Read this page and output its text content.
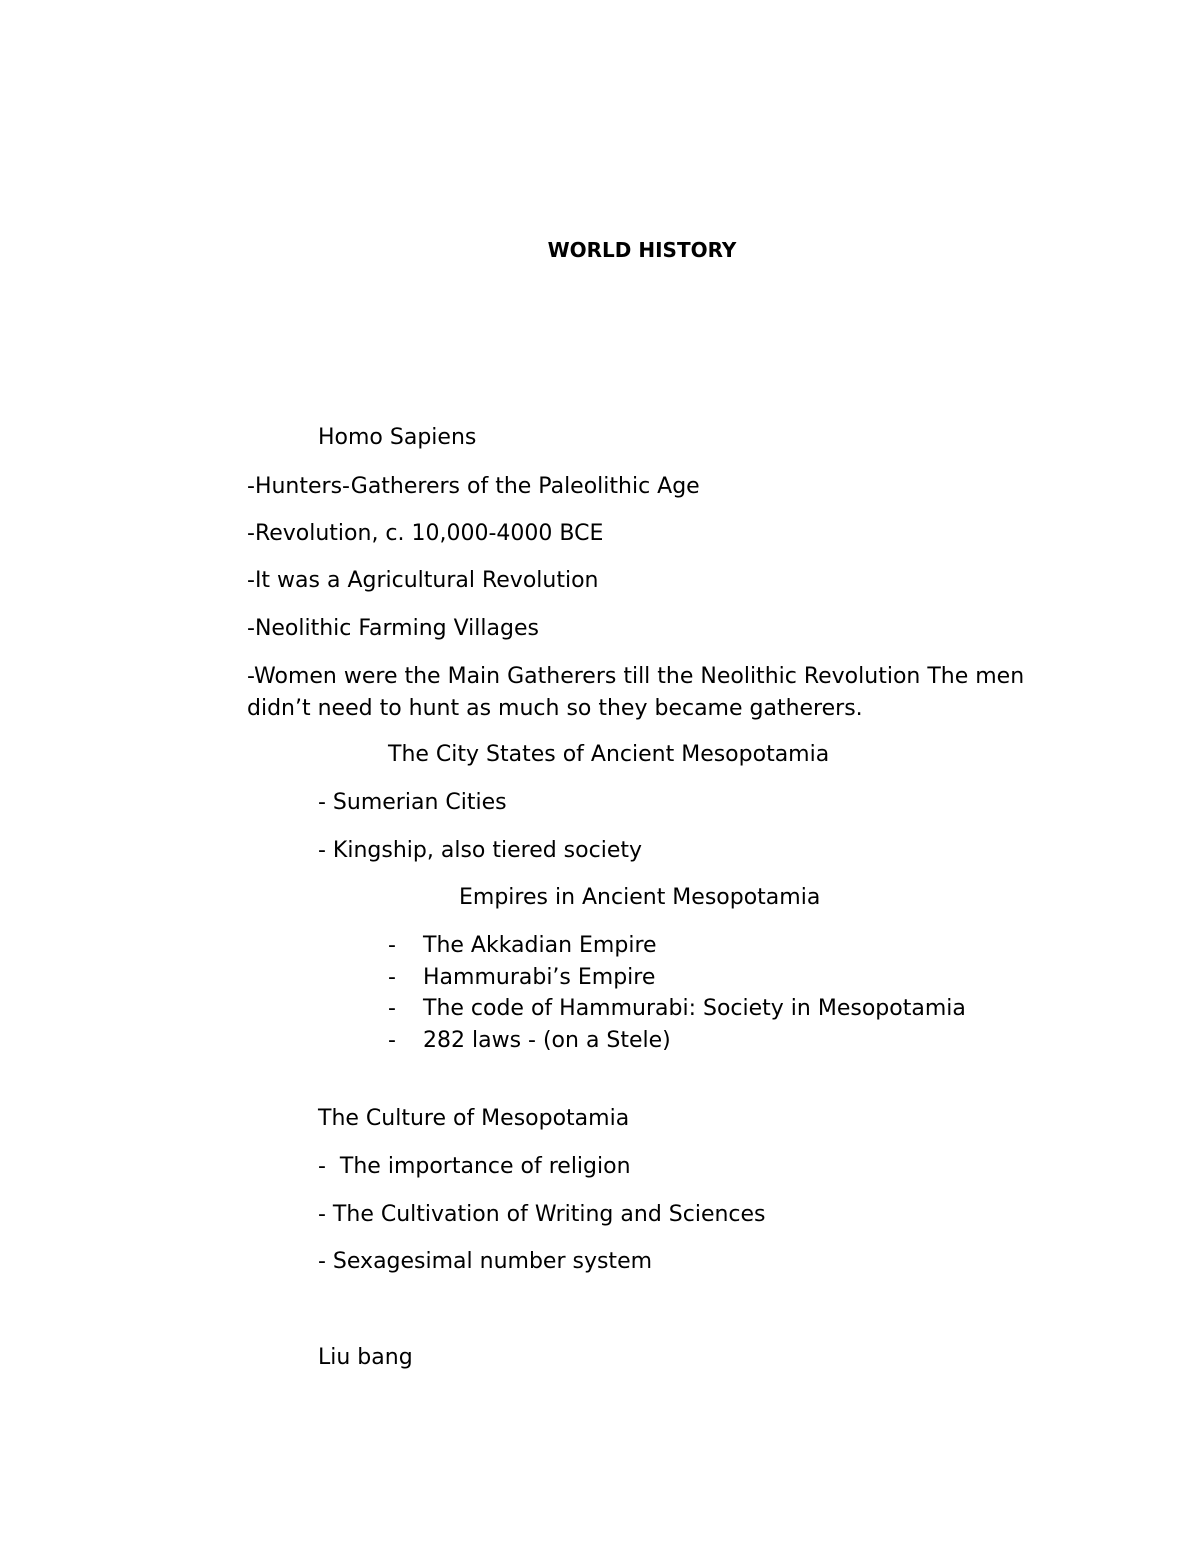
WORLD HISTORY
Homo Sapiens
-Hunters-Gatherers of the Paleolithic Age
-Revolution, c. 10,000-4000 BCE
-It was a Agricultural Revolution
-Neolithic Farming Villages
-Women were the Main Gatherers till the Neolithic Revolution The men didn’t need to hunt as much so they became gatherers.
The City States of Ancient Mesopotamia
- Sumerian Cities
- Kingship, also tiered society
Empires in Ancient Mesopotamia
- The Akkadian Empire
- Hammurabi’s Empire
- The code of Hammurabi: Society in Mesopotamia
- 282 laws - (on a Stele)
The Culture of Mesopotamia
-  The importance of religion
- The Cultivation of Writing and Sciences
- Sexagesimal number system
Liu bang
